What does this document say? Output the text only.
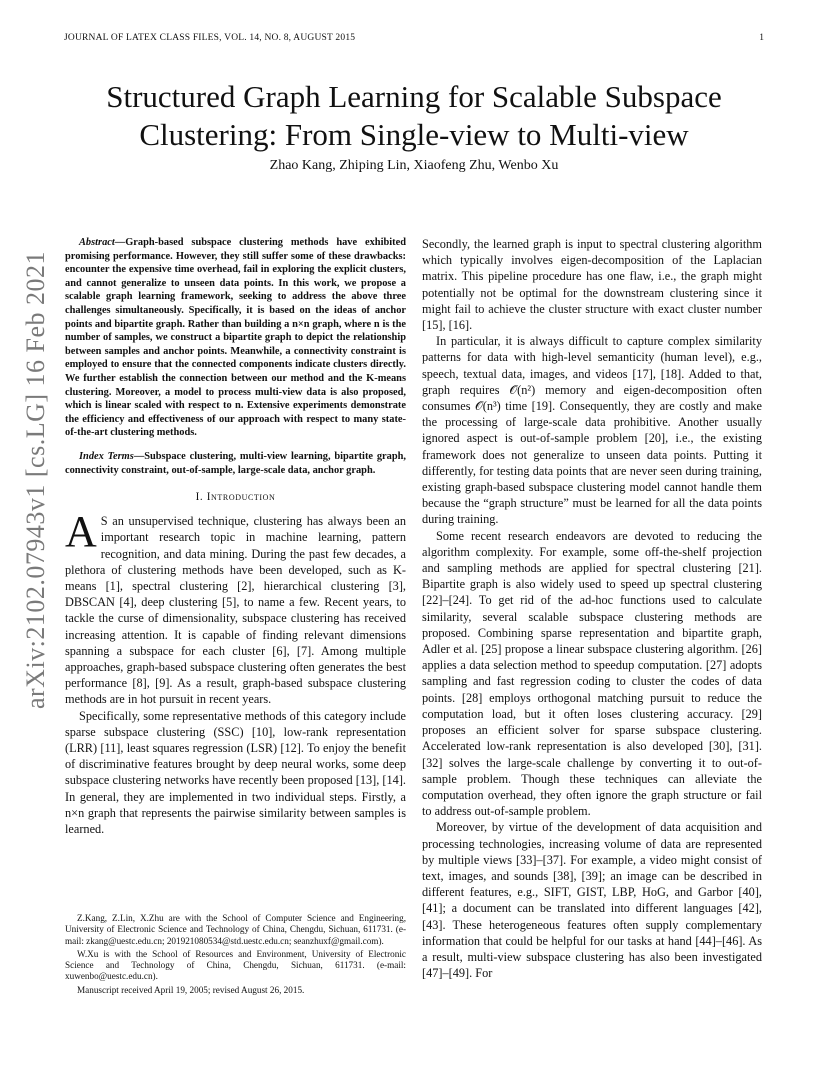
JOURNAL OF LATEX CLASS FILES, VOL. 14, NO. 8, AUGUST 2015	1
arXiv:2102.07943v1 [cs.LG] 16 Feb 2021
Structured Graph Learning for Scalable Subspace Clustering: From Single-view to Multi-view
Zhao Kang, Zhiping Lin, Xiaofeng Zhu, Wenbo Xu

Abstract—Graph-based subspace clustering methods have exhibited promising performance. However, they still suffer some of these drawbacks: encounter the expensive time overhead, fail in exploring the explicit clusters, and cannot generalize to unseen data points. In this work, we propose a scalable graph learning framework, seeking to address the above three challenges simultaneously. Specifically, it is based on the ideas of anchor points and bipartite graph. Rather than building a n×n graph, where n is the number of samples, we construct a bipartite graph to depict the relationship between samples and anchor points. Meanwhile, a connectivity constraint is employed to ensure that the connected components indicate clusters directly. We further establish the connection between our method and the K-means clustering. Moreover, a model to process multi-view data is also proposed, which is linear scaled with respect to n. Extensive experiments demonstrate the efficiency and effectiveness of our approach with respect to many state-of-the-art clustering methods.

Index Terms—Subspace clustering, multi-view learning, bipartite graph, connectivity constraint, out-of-sample, large-scale data, anchor graph.

I. Introduction

A S an unsupervised technique, clustering has always been an important research topic in machine learning, pattern recognition, and data mining. During the past few decades, a plethora of clustering methods have been developed, such as K-means [1], spectral clustering [2], hierarchical clustering [3], DBSCAN [4], deep clustering [5], to name a few. Recent years, to tackle the curse of dimensionality, subspace clustering has received increasing attention. It is capable of finding relevant dimensions spanning a subspace for each cluster [6], [7]. Among multiple approaches, graph-based subspace clustering often generates the best performance [8], [9]. As a result, graph-based subspace clustering methods are in hot pursuit in recent years.

Specifically, some representative methods of this category include sparse subspace clustering (SSC) [10], low-rank representation (LRR) [11], least squares regression (LSR) [12]. To enjoy the benefit of discriminative features brought by deep neural works, some deep subspace clustering networks have recently been proposed [13], [14]. In general, they are implemented in two individual steps. Firstly, a n×n graph that represents the pairwise similarity between samples is learned.

Secondly, the learned graph is input to spectral clustering algorithm which typically involves eigen-decomposition of the Laplacian matrix. This pipeline procedure has one flaw, i.e., the graph might potentially not be optimal for the downstream clustering since it might fail to achieve the cluster structure with exact cluster number [15], [16].

In particular, it is always difficult to capture complex similarity patterns for data with high-level semanticity (human level), e.g., speech, textual data, images, and videos [17], [18]. Added to that, graph requires 𝒪(n²) memory and eigen-decomposition often consumes 𝒪(n³) time [19]. Consequently, they are costly and make the processing of large-scale data prohibitive. Another usually ignored aspect is out-of-sample problem [20], i.e., the existing framework does not generalize to unseen data points. Putting it differently, for testing data points that are never seen during training, existing graph-based subspace clustering model cannot handle them because the “graph structure” must be learned for all the data points during training.

Some recent research endeavors are devoted to reducing the algorithm complexity. For example, some off-the-shelf projection and sampling methods are applied for spectral clustering [21]. Bipartite graph is also widely used to speed up spectral clustering [22]–[24]. To get rid of the ad-hoc functions used to calculate similarity, several scalable subspace clustering methods are proposed. Combining sparse representation and bipartite graph, Adler et al. [25] propose a linear subspace clustering algorithm. [26] applies a data selection method to speedup computation. [27] adopts sampling and fast regression coding to cluster the codes of data points. [28] employs orthogonal matching pursuit to reduce the computation load, but it often loses clustering accuracy. [29] proposes an efficient solver for sparse subspace clustering. Accelerated low-rank representation is also developed [30], [31]. [32] solves the large-scale challenge by converting it to out-of-sample problem. Though these techniques can alleviate the computation overhead, they often ignore the graph structure or fail to address out-of-sample problem.

Moreover, by virtue of the development of data acquisition and processing technologies, increasing volume of data are represented by multiple views [33]–[37]. For example, a video might consist of text, images, and sounds [38], [39]; an image can be described in different features, e.g., SIFT, GIST, LBP, HoG, and Garbor [40], [41]; a document can be translated into different languages [42], [43]. These heterogeneous features often supply complementary information that could be helpful for our tasks at hand [44]–[46]. As a result, multi-view subspace clustering has also been investigated [47]–[49]. For

Z.Kang, Z.Lin, X.Zhu are with the School of Computer Science and Engineering, University of Electronic Science and Technology of China, Chengdu, Sichuan, 611731. (e-mail: zkang@uestc.edu.cn; 201921080534@std.uestc.edu.cn; seanzhuxf@gmail.com).

W.Xu is with the School of Resources and Environment, University of Electronic Science and Technology of China, Chengdu, Sichuan, 611731. (e-mail: xuwenbo@uestc.edu.cn).

Manuscript received April 19, 2005; revised August 26, 2015.
